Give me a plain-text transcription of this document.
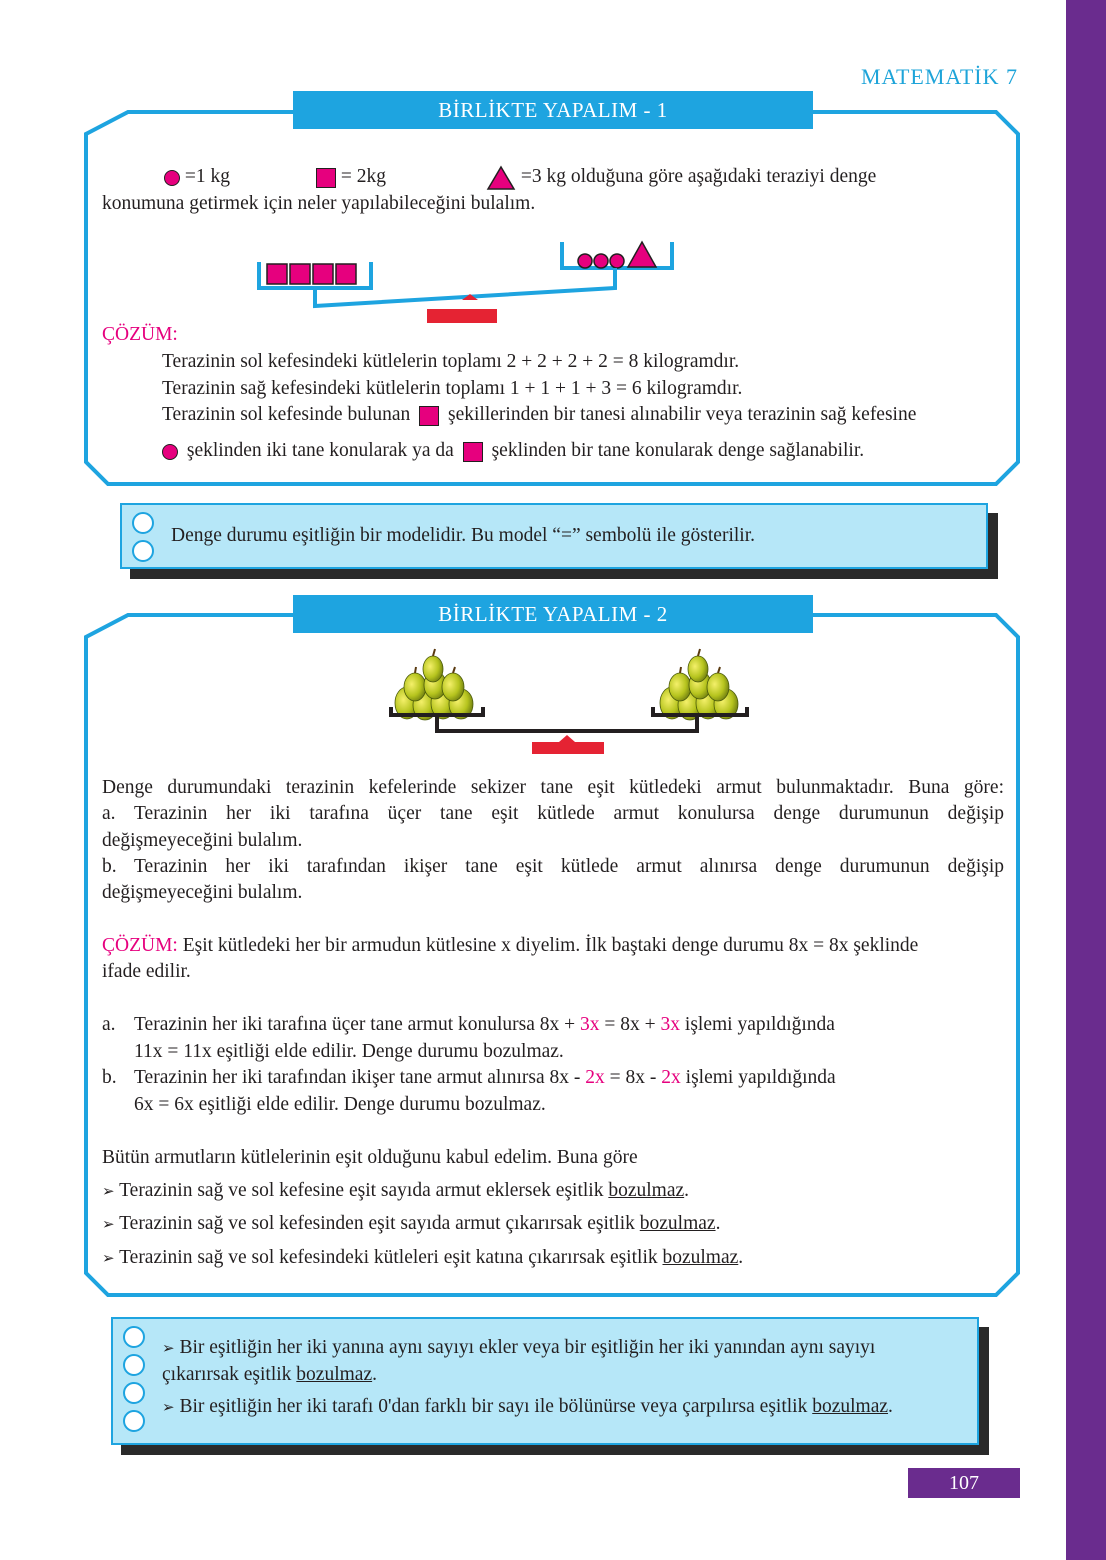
MATEMATİK 7
BİRLİKTE YAPALIM - 1
=1 kg	= 2kg	=3 kg olduğuna göre aşağıdaki teraziyi denge
konumuna getirmek için neler yapılabileceğini bulalım.
ÇÖZÜM:
Terazinin sol kefesindeki kütlelerin toplamı 2 + 2 + 2 + 2 = 8 kilogramdır.
Terazinin sağ kefesindeki kütlelerin toplamı 1 + 1 + 1 + 3 = 6 kilogramdır.
Terazinin sol kefesinde bulunan şekillerinden bir tanesi alınabilir veya terazinin sağ kefesine
şeklinden iki tane konularak ya da şeklinden bir tane konularak denge sağlanabilir.
Denge durumu eşitliğin bir modelidir. Bu model “=” sembolü ile gösterilir.
BİRLİKTE YAPALIM - 2
Denge durumundaki terazinin kefelerinde sekizer tane eşit kütledeki armut bulunmaktadır. Buna göre:
a. Terazinin her iki tarafına üçer tane eşit kütlede armut konulursa denge durumunun değişip
değişmeyeceğini bulalım.
b. Terazinin her iki tarafından ikişer tane eşit kütlede armut alınırsa denge durumunun değişip
değişmeyeceğini bulalım.
ÇÖZÜM: Eşit kütledeki her bir armudun kütlesine x diyelim. İlk baştaki denge durumu 8x = 8x şeklinde
ifade edilir.
a. Terazinin her iki tarafına üçer tane armut konulursa 8x + 3x = 8x + 3x işlemi yapıldığında
11x = 11x eşitliği elde edilir. Denge durumu bozulmaz.
b. Terazinin her iki tarafından ikişer tane armut alınırsa 8x - 2x = 8x - 2x işlemi yapıldığında
6x = 6x eşitliği elde edilir. Denge durumu bozulmaz.
Bütün armutların kütlelerinin eşit olduğunu kabul edelim. Buna göre
➢ Terazinin sağ ve sol kefesine eşit sayıda armut eklersek eşitlik bozulmaz.
➢ Terazinin sağ ve sol kefesinden eşit sayıda armut çıkarırsak eşitlik bozulmaz.
➢ Terazinin sağ ve sol kefesindeki kütleleri eşit katına çıkarırsak eşitlik bozulmaz.
➢ Bir eşitliğin her iki yanına aynı sayıyı ekler veya bir eşitliğin her iki yanından aynı sayıyı
çıkarırsak eşitlik bozulmaz.
➢ Bir eşitliğin her iki tarafı 0'dan farklı bir sayı ile bölünürse veya çarpılırsa eşitlik bozulmaz.
107
